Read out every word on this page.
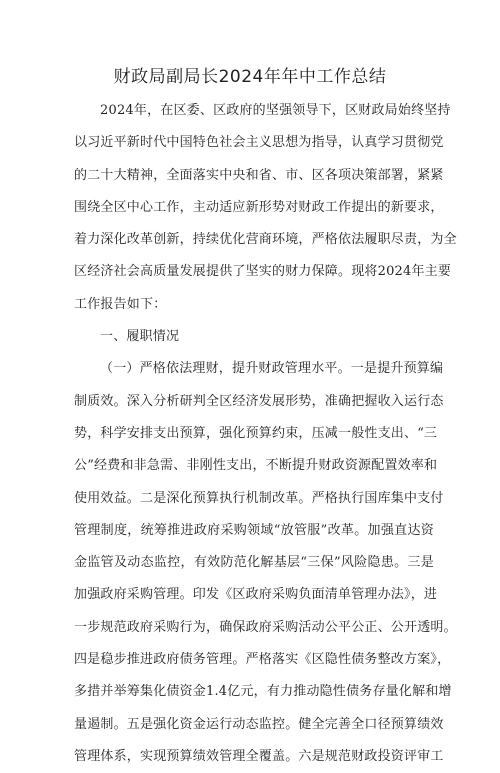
财政局副局长2024年年中工作总结
2024年，在区委、区政府的坚强领导下，区财政局始终坚持
以习近平新时代中国特色社会主义思想为指导，认真学习贯彻党
的二十大精神，全面落实中央和省、市、区各项决策部署，紧紧
围绕全区中心工作，主动适应新形势对财政工作提出的新要求，
着力深化改革创新，持续优化营商环境，严格依法履职尽责，为全
区经济社会高质量发展提供了坚实的财力保障。现将2024年主要
工作报告如下：
一、履职情况
（一）严格依法理财，提升财政管理水平。一是提升预算编
制质效。深入分析研判全区经济发展形势，准确把握收入运行态
势，科学安排支出预算，强化预算约束，压减一般性支出、“三
公”经费和非急需、非刚性支出，不断提升财政资源配置效率和
使用效益。二是深化预算执行机制改革。严格执行国库集中支付
管理制度，统筹推进政府采购领域“放管服”改革。加强直达资
金监管及动态监控，有效防范化解基层“三保”风险隐患。三是
加强政府采购管理。印发《区政府采购负面清单管理办法》，进
一步规范政府采购行为，确保政府采购活动公平公正、公开透明。
四是稳步推进政府债务管理。严格落实《区隐性债务整改方案》，
多措并举筹集化债资金1.4亿元，有力推动隐性债务存量化解和增
量遏制。五是强化资金运行动态监控。健全完善全口径预算绩效
管理体系，实现预算绩效管理全覆盖。六是规范财政投资评审工
